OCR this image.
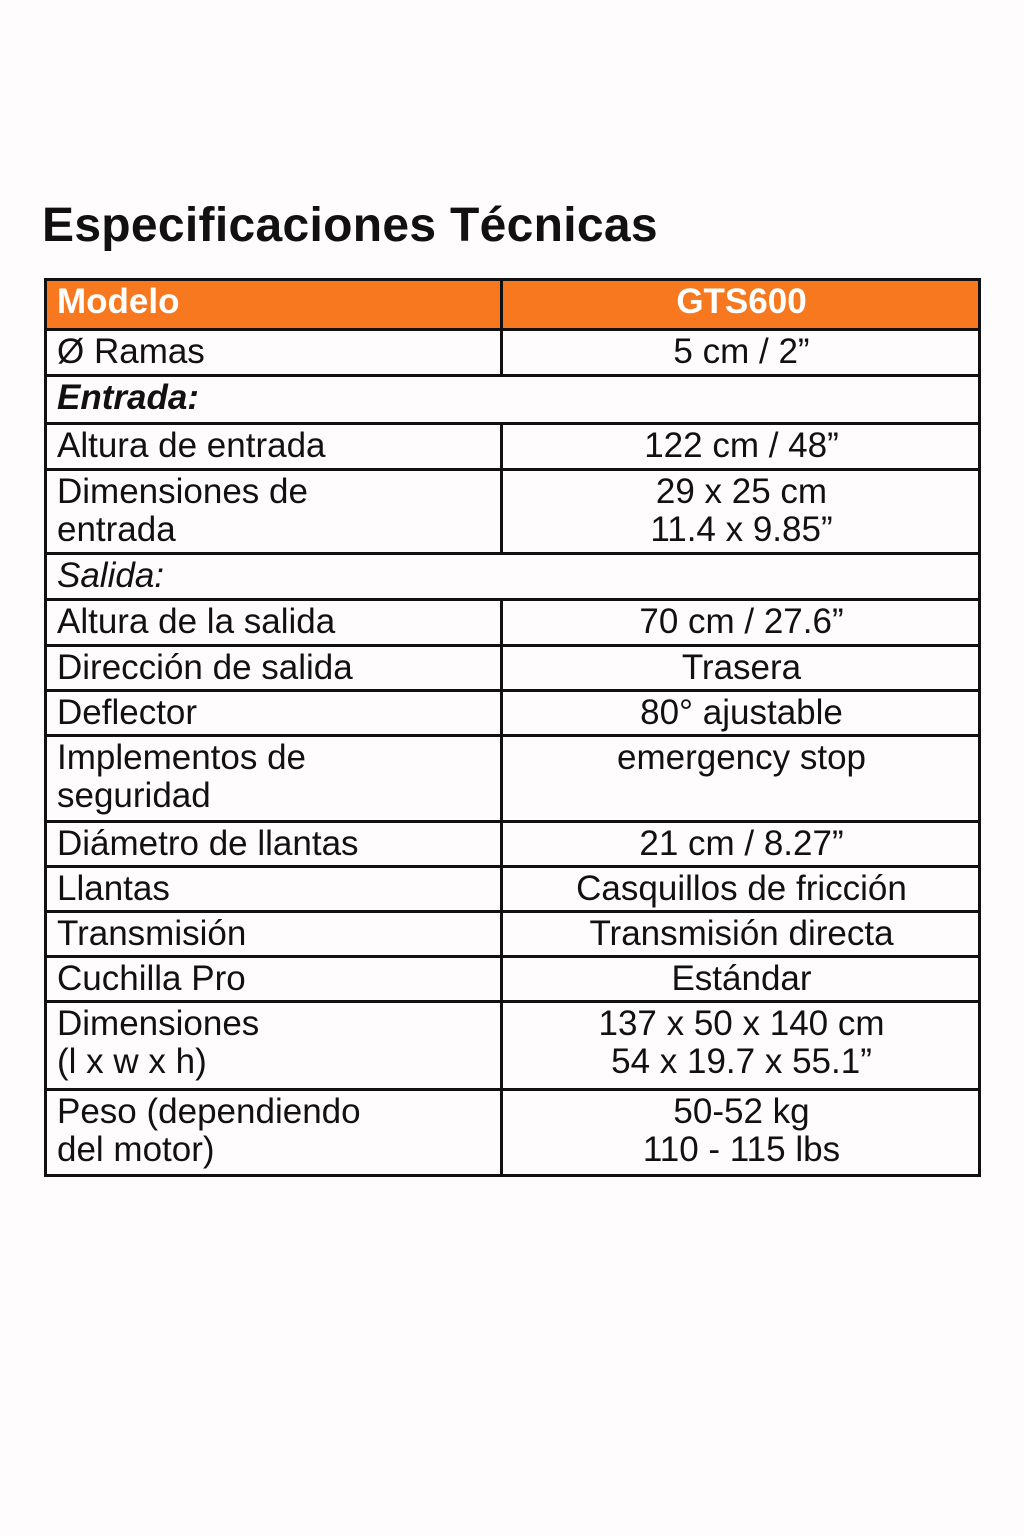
Especificaciones Técnicas
Modelo	GTS600
Ø Ramas	5 cm / 2”
Entrada:	
Altura de entrada	122 cm / 48”

Dimensiones de
entrada	29 x 25 cm
11.4 x 9.85”

Salida:	
Altura de la salida	70 cm / 27.6”
Dirección de salida	Trasera
Deflector	80° ajustable

Implementos de
seguridad	emergency stop
Diámetro de llantas	21 cm / 8.27”
Llantas	Casquillos de fricción
Transmisión	Transmisión directa
Cuchilla Pro	Estándar

Dimensiones
(l x w x h)	137 x 50 x 140 cm
54 x 19.7 x 55.1”

Peso (dependiendo
del motor)	50-52 kg
110 - 115 lbs
